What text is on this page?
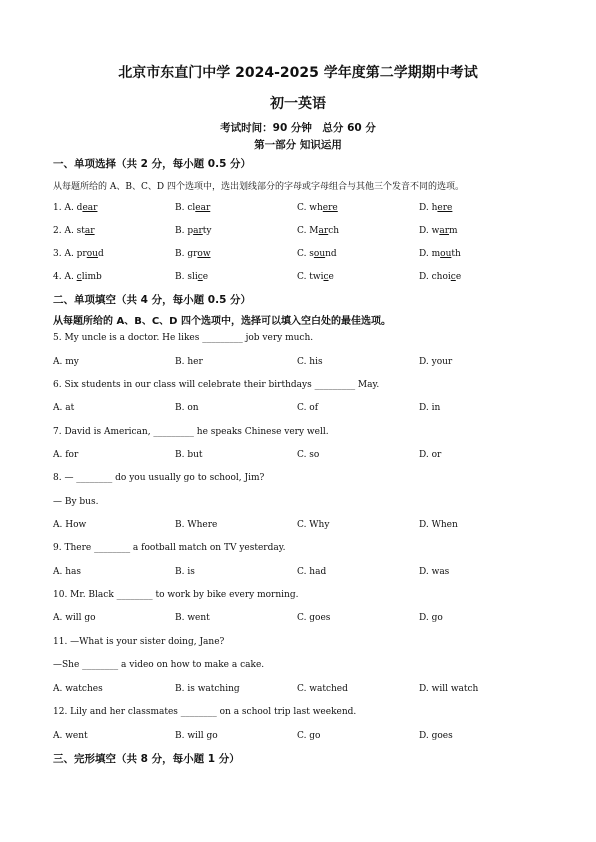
北京市东直门中学 2024-2025 学年度第二学期期中考试
初一英语
考试时间：90 分钟　总分 60 分
第一部分 知识运用
一、单项选择（共 2 分，每小题 0.5 分）
从每题所给的 A、B、C、D 四个选项中，选出划线部分的字母或字母组合与其他三个发音不同的选项。
1. A. dear	B. clear	C. where	D. here
2. A. star	B. party	C. March	D. warm
3. A. proud	B. grow	C. sound	D. mouth
4. A. climb	B. slice	C. twice	D. choice
二、单项填空（共 4 分，每小题 0.5 分）
从每题所给的 A、B、C、D 四个选项中，选择可以填入空白处的最佳选项。
5. My uncle is a doctor. He likes _________ job very much.
A. my	B. her	C. his	D. your
6. Six students in our class will celebrate their birthdays _________ May.
A. at	B. on	C. of	D. in
7. David is American, _________ he speaks Chinese very well.
A. for	B. but	C. so	D. or
8. — ________ do you usually go to school, Jim?
— By bus.
A. How	B. Where	C. Why	D. When
9. There ________ a football match on TV yesterday.
A. has	B. is	C. had	D. was
10. Mr. Black ________ to work by bike every morning.
A. will go	B. went	C. goes	D. go
11. —What is your sister doing, Jane?
—She ________ a video on how to make a cake.
A. watches	B. is watching	C. watched	D. will watch
12. Lily and her classmates ________ on a school trip last weekend.
A. went	B. will go	C. go	D. goes
三、完形填空（共 8 分，每小题 1 分）
